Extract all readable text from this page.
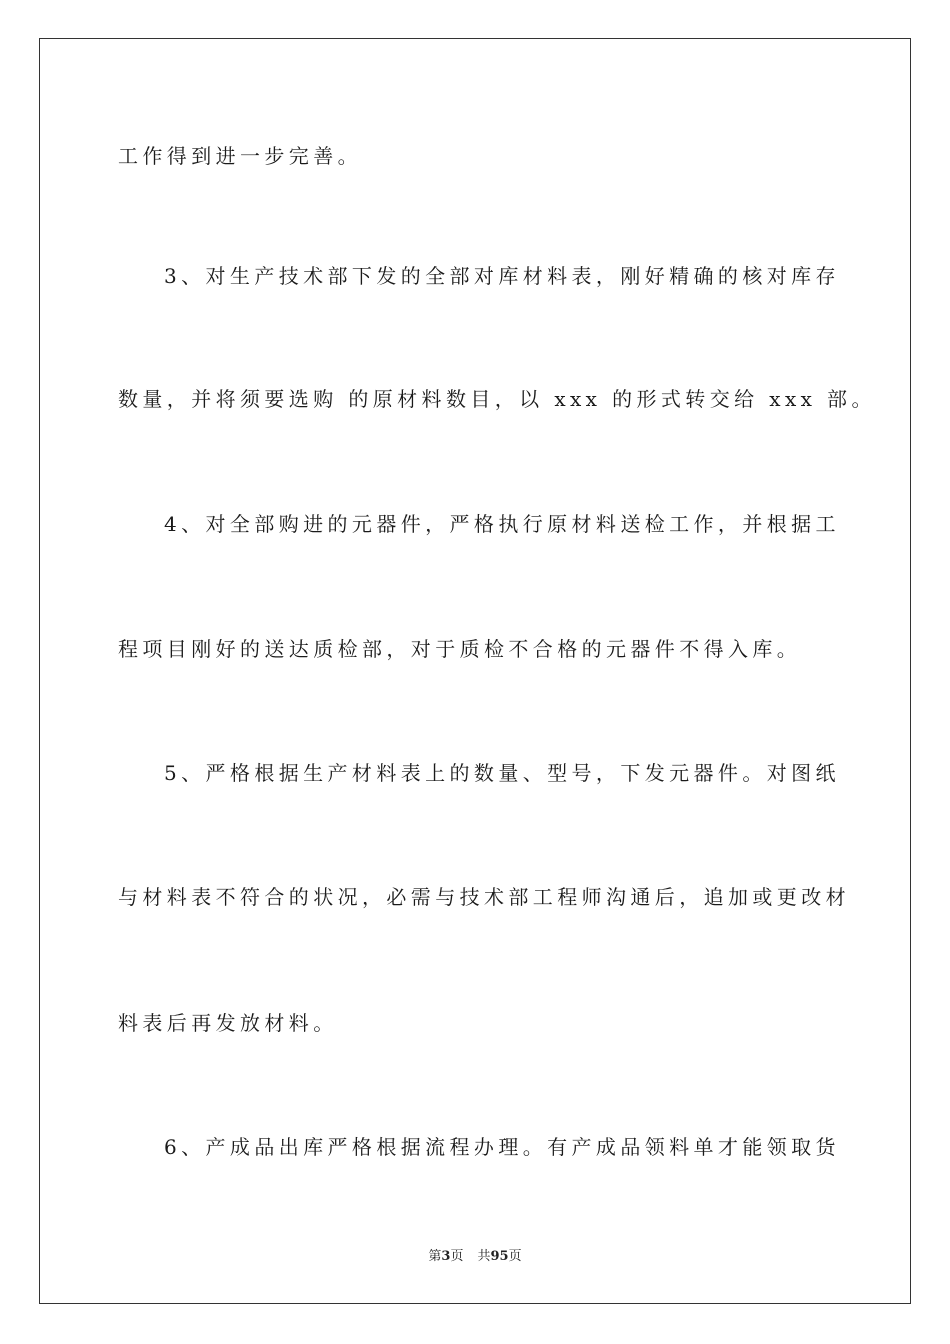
工作得到进一步完善。
3、对生产技术部下发的全部对库材料表，刚好精确的核对库存
数量，并将须要选购 的原材料数目，以 xxx 的形式转交给 xxx 部。
4、对全部购进的元器件，严格执行原材料送检工作，并根据工
程项目刚好的送达质检部，对于质检不合格的元器件不得入库。
5、严格根据生产材料表上的数量、型号，下发元器件。对图纸
与材料表不符合的状况，必需与技术部工程师沟通后，追加或更改材
料表后再发放材料。
6、产成品出库严格根据流程办理。有产成品领料单才能领取货
第3页 共95页
